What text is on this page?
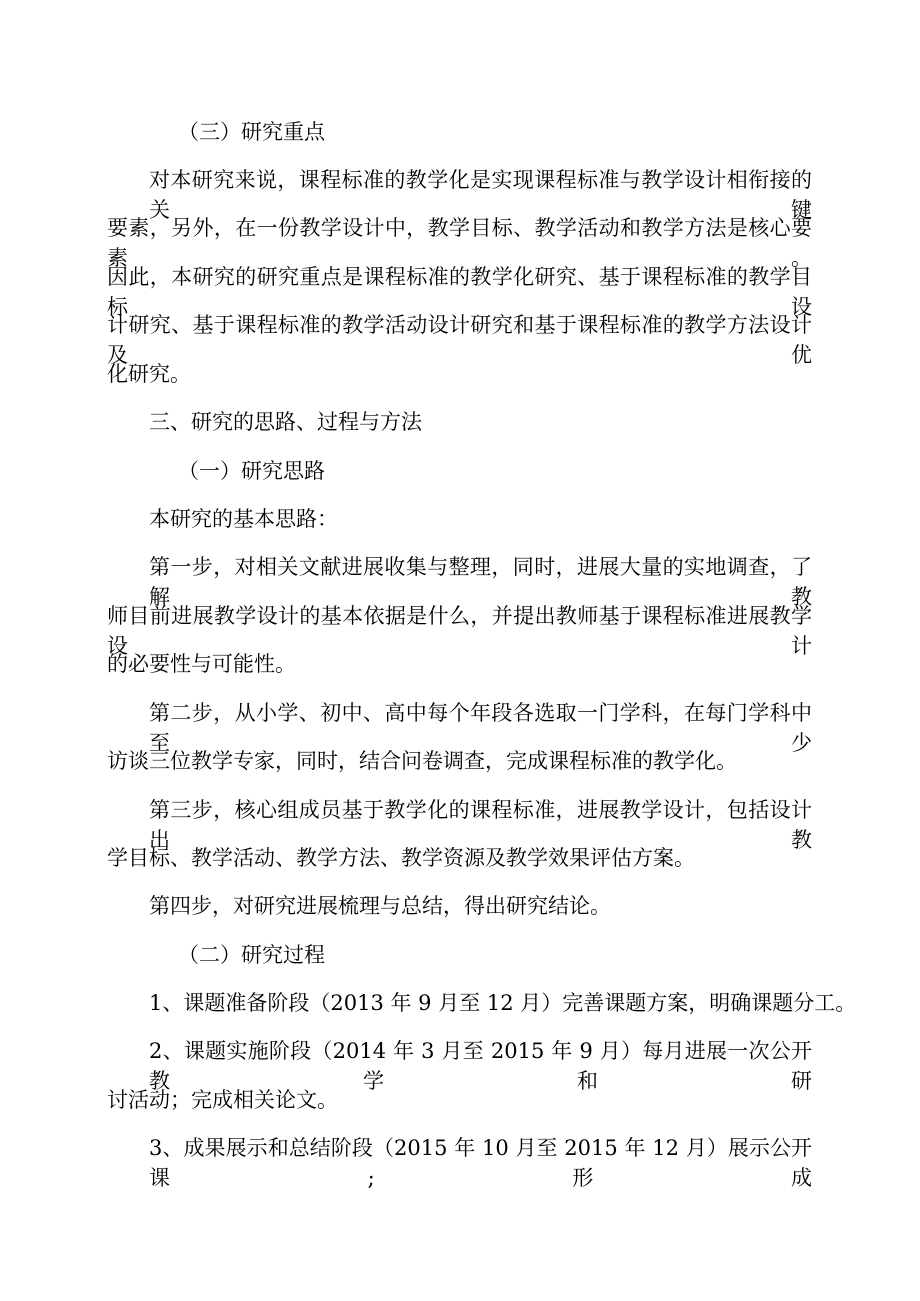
（三）研究重点

对本研究来说，课程标准的教学化是实现课程标准与教学设计相衔接的关键

要素，另外，在一份教学设计中，教学目标、教学活动和教学方法是核心要素。

因此，本研究的研究重点是课程标准的教学化研究、基于课程标准的教学目标设

计研究、基于课程标准的教学活动设计研究和基于课程标准的教学方法设计及优

化研究。

三、研究的思路、过程与方法

（一）研究思路

本研究的基本思路：

第一步，对相关文献进展收集与整理，同时，进展大量的实地调查，了解教

师目前进展教学设计的基本依据是什么，并提出教师基于课程标准进展教学设计

的必要性与可能性。

第二步，从小学、初中、高中每个年段各选取一门学科，在每门学科中至少

访谈三位教学专家，同时，结合问卷调查，完成课程标准的教学化。

第三步，核心组成员基于教学化的课程标准，进展教学设计，包括设计出教

学目标、教学活动、教学方法、教学资源及教学效果评估方案。

第四步，对研究进展梳理与总结，得出研究结论。

（二）研究过程

1、课题准备阶段（2013 年 9 月至 12 月）完善课题方案，明确课题分工。

2、课题实施阶段（2014 年 3 月至 2015 年 9 月）每月进展一次公开教学和研

讨活动；完成相关论文。

3、成果展示和总结阶段（2015 年 10 月至 2015 年 12 月）展示公开课;形成
